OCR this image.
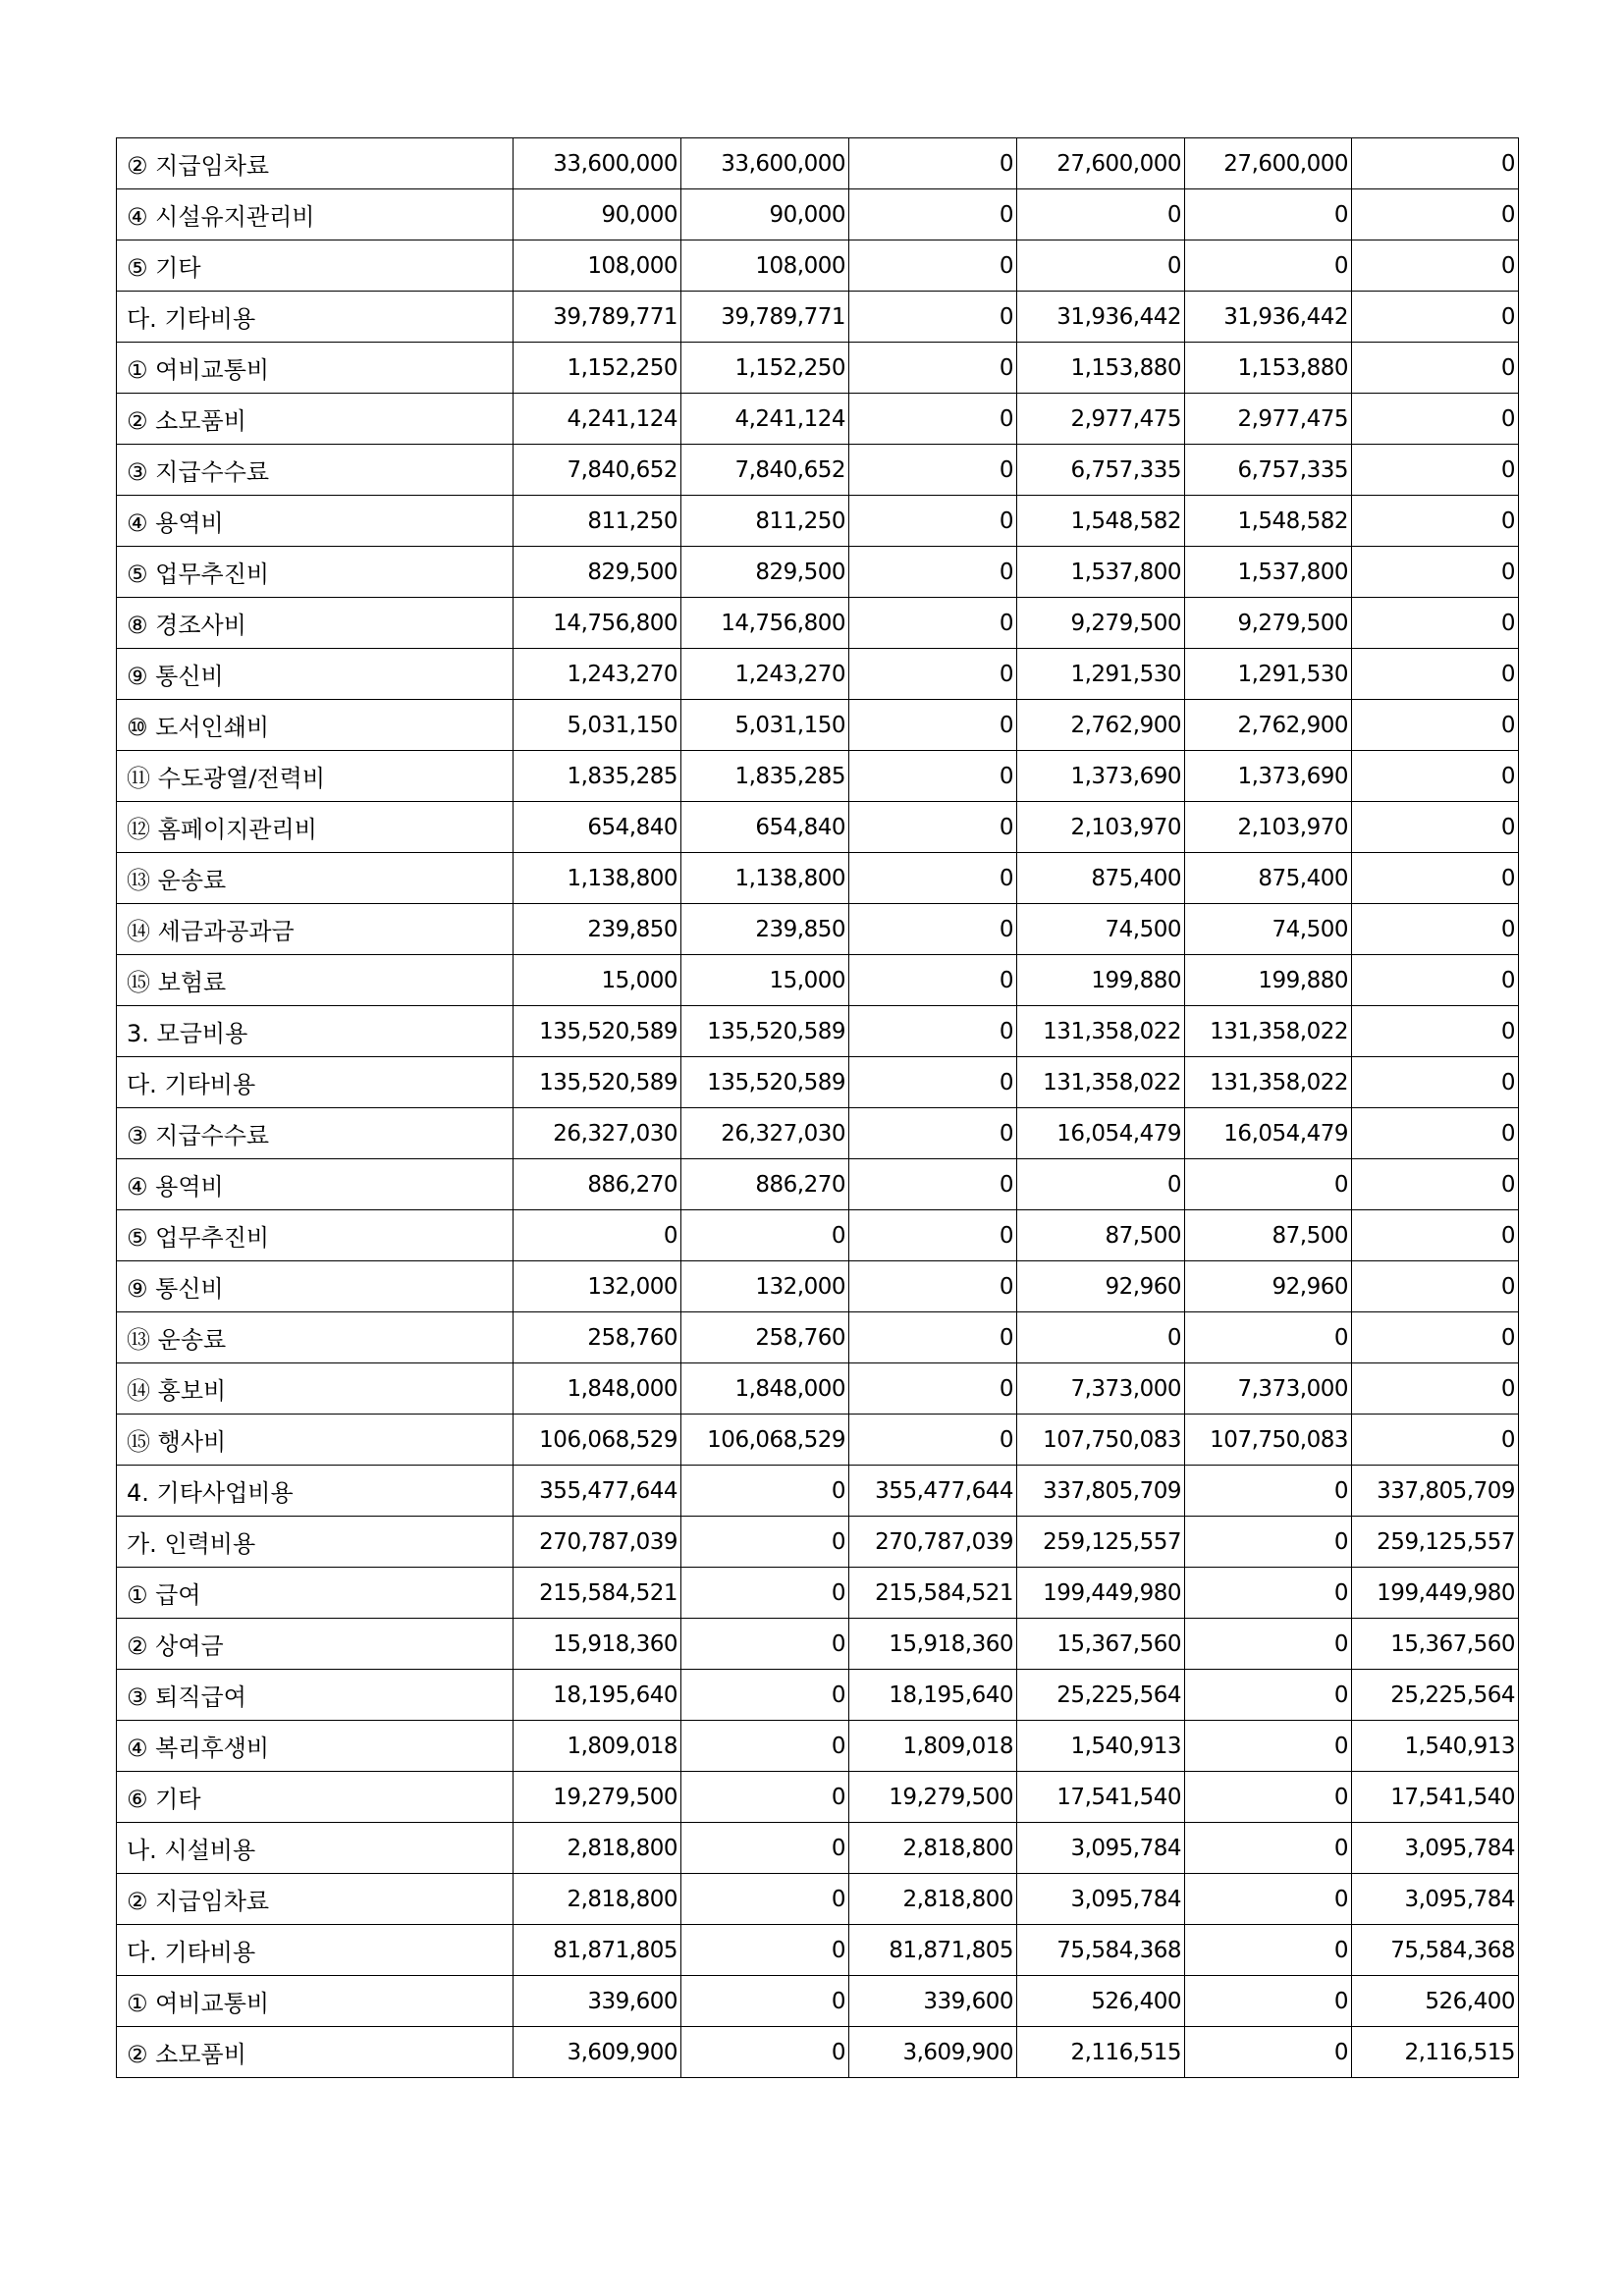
② 지급임차료	33,600,000	33,600,000	0	27,600,000	27,600,000	0
④ 시설유지관리비	90,000	90,000	0	0	0	0
⑤ 기타	108,000	108,000	0	0	0	0
다. 기타비용	39,789,771	39,789,771	0	31,936,442	31,936,442	0
① 여비교통비	1,152,250	1,152,250	0	1,153,880	1,153,880	0
② 소모품비	4,241,124	4,241,124	0	2,977,475	2,977,475	0
③ 지급수수료	7,840,652	7,840,652	0	6,757,335	6,757,335	0
④ 용역비	811,250	811,250	0	1,548,582	1,548,582	0
⑤ 업무추진비	829,500	829,500	0	1,537,800	1,537,800	0
⑧ 경조사비	14,756,800	14,756,800	0	9,279,500	9,279,500	0
⑨ 통신비	1,243,270	1,243,270	0	1,291,530	1,291,530	0
⑩ 도서인쇄비	5,031,150	5,031,150	0	2,762,900	2,762,900	0
⑪ 수도광열/전력비	1,835,285	1,835,285	0	1,373,690	1,373,690	0
⑫ 홈페이지관리비	654,840	654,840	0	2,103,970	2,103,970	0
⑬ 운송료	1,138,800	1,138,800	0	875,400	875,400	0
⑭ 세금과공과금	239,850	239,850	0	74,500	74,500	0
⑮ 보험료	15,000	15,000	0	199,880	199,880	0
3. 모금비용	135,520,589	135,520,589	0	131,358,022	131,358,022	0
다. 기타비용	135,520,589	135,520,589	0	131,358,022	131,358,022	0
③ 지급수수료	26,327,030	26,327,030	0	16,054,479	16,054,479	0
④ 용역비	886,270	886,270	0	0	0	0
⑤ 업무추진비	0	0	0	87,500	87,500	0
⑨ 통신비	132,000	132,000	0	92,960	92,960	0
⑬ 운송료	258,760	258,760	0	0	0	0
⑭ 홍보비	1,848,000	1,848,000	0	7,373,000	7,373,000	0
⑮ 행사비	106,068,529	106,068,529	0	107,750,083	107,750,083	0
4. 기타사업비용	355,477,644	0	355,477,644	337,805,709	0	337,805,709
가. 인력비용	270,787,039	0	270,787,039	259,125,557	0	259,125,557
① 급여	215,584,521	0	215,584,521	199,449,980	0	199,449,980
② 상여금	15,918,360	0	15,918,360	15,367,560	0	15,367,560
③ 퇴직급여	18,195,640	0	18,195,640	25,225,564	0	25,225,564
④ 복리후생비	1,809,018	0	1,809,018	1,540,913	0	1,540,913
⑥ 기타	19,279,500	0	19,279,500	17,541,540	0	17,541,540
나. 시설비용	2,818,800	0	2,818,800	3,095,784	0	3,095,784
② 지급임차료	2,818,800	0	2,818,800	3,095,784	0	3,095,784
다. 기타비용	81,871,805	0	81,871,805	75,584,368	0	75,584,368
① 여비교통비	339,600	0	339,600	526,400	0	526,400
② 소모품비	3,609,900	0	3,609,900	2,116,515	0	2,116,515
